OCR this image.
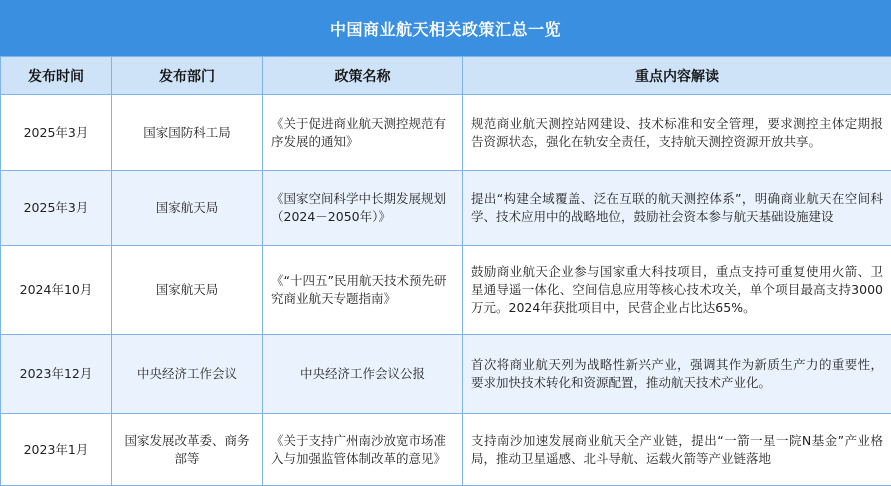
中国商业航天相关政策汇总一览
发布时间	发布部门	政策名称	重点内容解读
2025年3月	国家国防科工局	《关于促进商业航天测控规范有序发展的通知》	规范商业航天测控站网建设、技术标准和安全管理，要求测控主体定期报告资源状态，强化在轨安全责任，支持航天测控资源开放共享。
2025年3月	国家航天局	《国家空间科学中长期发展规划（2024－2050年）》	提出“构建全域覆盖、泛在互联的航天测控体系”，明确商业航天在空间科学、技术应用中的战略地位，鼓励社会资本参与航天基础设施建设
2024年10月	国家航天局	《“十四五”民用航天技术预先研究商业航天专题指南》	鼓励商业航天企业参与国家重大科技项目，重点支持可重复使用火箭、卫星通导遥一体化、空间信息应用等核心技术攻关，单个项目最高支持3000万元。2024年获批项目中，民营企业占比达65%。
2023年12月	中央经济工作会议	中央经济工作会议公报	首次将商业航天列为战略性新兴产业，强调其作为新质生产力的重要性，要求加快技术转化和资源配置，推动航天技术产业化。
2023年1月	国家发展改革委、商务部等	《关于支持广州南沙放宽市场准入与加强监管体制改革的意见》	支持南沙加速发展商业航天全产业链，提出“一箭一星一院N基金”产业格局，推动卫星遥感、北斗导航、运载火箭等产业链落地
